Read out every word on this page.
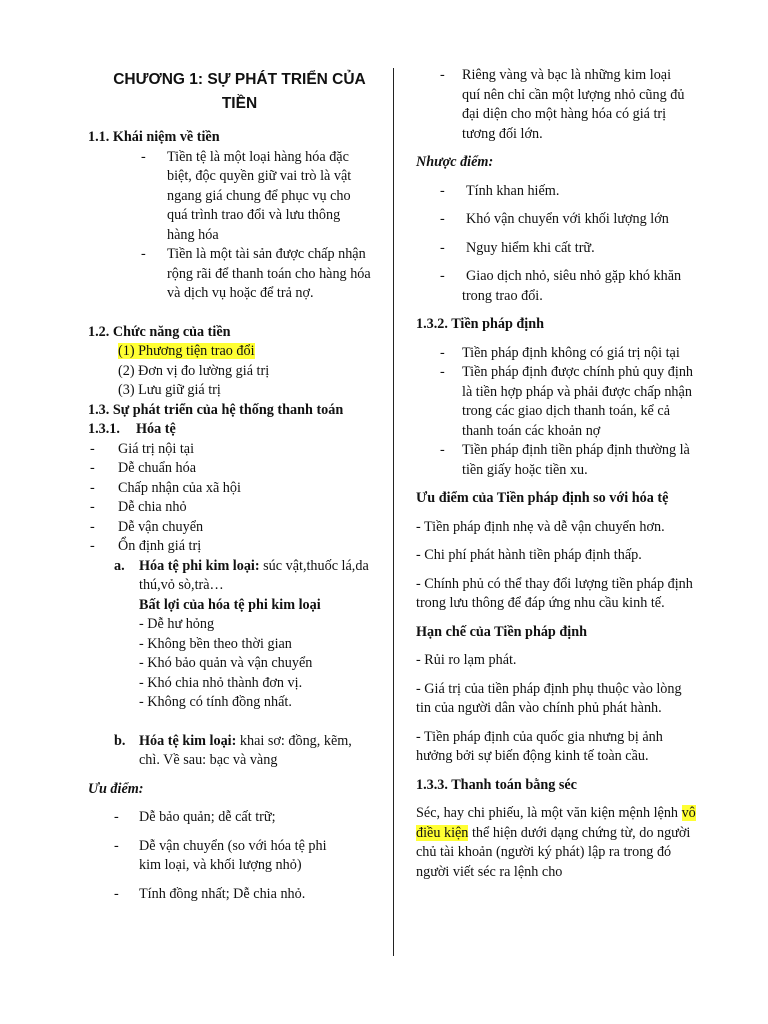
CHƯƠNG 1: SỰ PHÁT TRIỂN CỦA TIỀN
1.1. Khái niệm về tiền
- Tiền tệ là một loại hàng hóa đặc biệt, độc quyền giữ vai trò là vật ngang giá chung để phục vụ cho quá trình trao đổi và lưu thông hàng hóa
- Tiền là một tài sản được chấp nhận rộng rãi để thanh toán cho hàng hóa và dịch vụ hoặc để trả nợ.
1.2. Chức năng của tiền
(1) Phương tiện trao đổi
(2) Đơn vị đo lường giá trị
(3) Lưu giữ giá trị
1.3. Sự phát triển của hệ thống thanh toán
1.3.1. Hóa tệ
- Giá trị nội tại
- Dễ chuẩn hóa
- Chấp nhận của xã hội
- Dễ chia nhỏ
- Dễ vận chuyển
- Ổn định giá trị
a. Hóa tệ phi kim loại: súc vật,thuốc lá,da thú,vỏ sò,trà…
Bất lợi của hóa tệ phi kim loại
- Dễ hư hỏng
- Không bền theo thời gian
- Khó bảo quản và vận chuyển
- Khó chia nhỏ thành đơn vị.
- Không có tính đồng nhất.
b. Hóa tệ kim loại: khai sơ: đồng, kẽm, chì. Về sau: bạc và vàng
Ưu điểm:
- Dễ bảo quản; dễ cất trữ;
- Dễ vận chuyển (so với hóa tệ phi kim loại, và khối lượng nhỏ)
- Tính đồng nhất; Dễ chia nhỏ.
- Riêng vàng và bạc là những kim loại quí nên chỉ cần một lượng nhỏ cũng đủ đại diện cho một hàng hóa có giá trị tương đối lớn.
Nhược điểm:
- Tính khan hiếm.
- Khó vận chuyển với khối lượng lớn
- Nguy hiểm khi cất trữ.
- Giao dịch nhỏ, siêu nhỏ gặp khó khăn trong trao đổi.
1.3.2. Tiền pháp định
- Tiền pháp định không có giá trị nội tại
- Tiền pháp định được chính phủ quy định là tiền hợp pháp và phải được chấp nhận trong các giao dịch thanh toán, kể cả thanh toán các khoản nợ
- Tiền pháp định tiền pháp định thường là tiền giấy hoặc tiền xu.
Ưu điểm của Tiền pháp định so với hóa tệ
- Tiền pháp định nhẹ và dễ vận chuyển hơn.
- Chi phí phát hành tiền pháp định thấp.
- Chính phủ có thể thay đổi lượng tiền pháp định trong lưu thông để đáp ứng nhu cầu kinh tế.
Hạn chế của Tiền pháp định
- Rủi ro lạm phát.
- Giá trị của tiền pháp định phụ thuộc vào lòng tin của người dân vào chính phủ phát hành.
- Tiền pháp định của quốc gia nhưng bị ảnh hưởng bởi sự biến động kinh tế toàn cầu.
1.3.3. Thanh toán bằng séc
Séc, hay chi phiếu, là một văn kiện mệnh lệnh vô điều kiện thể hiện dưới dạng chứng từ, do người chủ tài khoản (người ký phát) lập ra trong đó người viết séc ra lệnh cho
